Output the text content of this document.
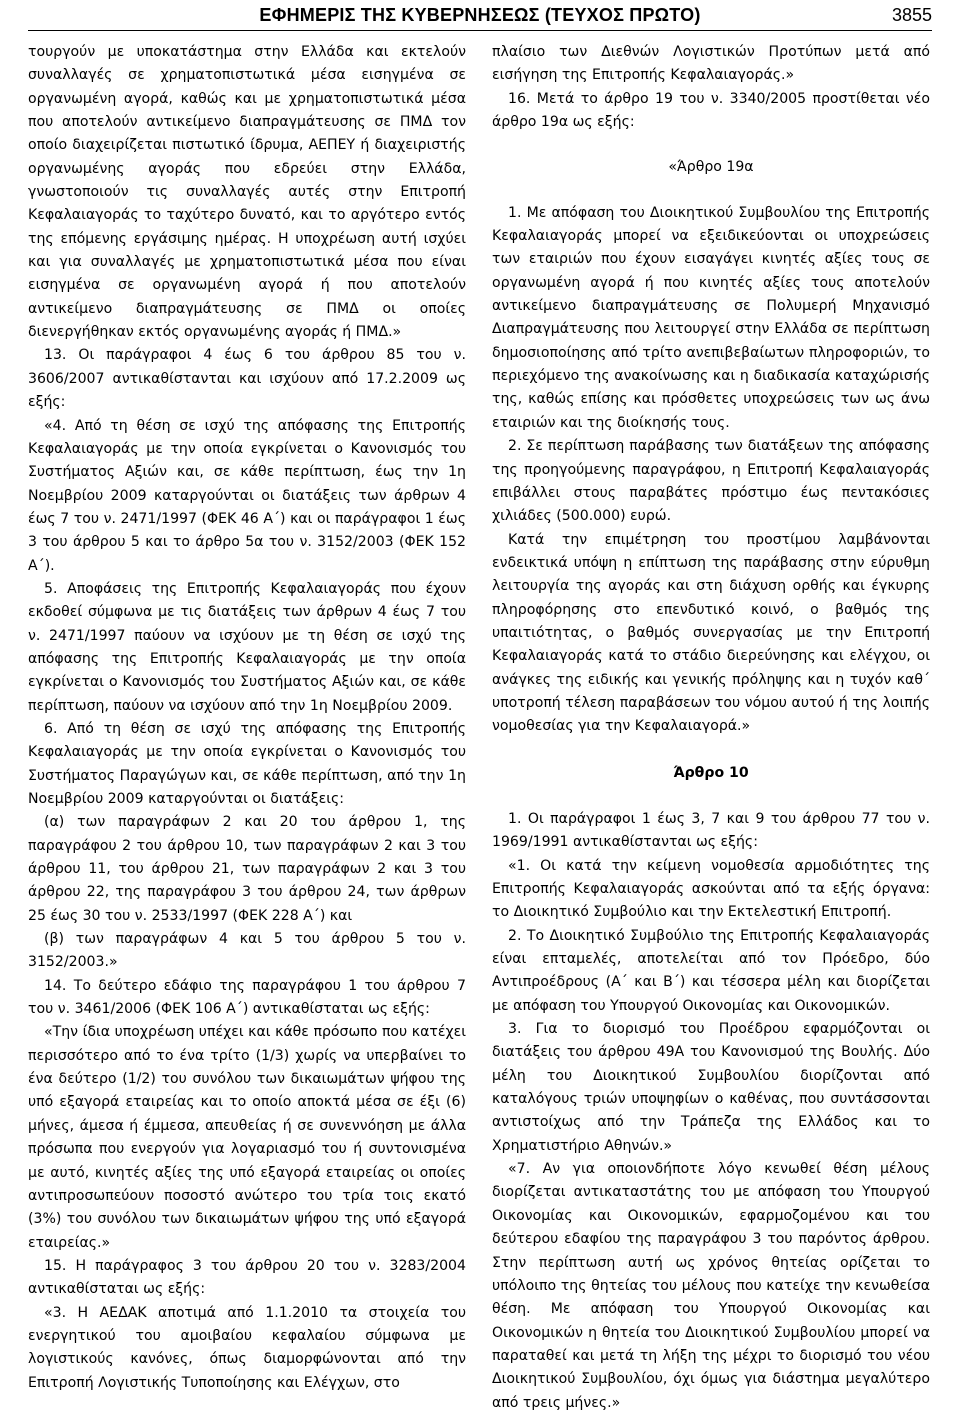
ΕΦΗΜΕΡΙΣ ΤΗΣ ΚΥΒΕΡΝΗΣΕΩΣ (ΤΕΥΧΟΣ ΠΡΩΤΟ)	3855

τουργούν με υποκατάστημα στην Ελλάδα και εκτελούν συναλλαγές σε χρηματοπιστωτικά μέσα εισηγμένα σε οργανωμένη αγορά, καθώς και με χρηματοπιστωτικά μέσα που αποτελούν αντικείμενο διαπραγμάτευσης σε ΠΜΔ τον οποίο διαχειρίζεται πιστωτικό ίδρυμα, ΑΕΠΕΥ ή διαχειριστής οργανωμένης αγοράς που εδρεύει στην Ελλάδα, γνωστοποιούν τις συναλλαγές αυτές στην Επιτροπή Κεφαλαιαγοράς το ταχύτερο δυνατό, και το αργότερο εντός της επόμενης εργάσιμης ημέρας. Η υποχρέωση αυτή ισχύει και για συναλλαγές με χρηματοπιστωτικά μέσα που είναι εισηγμένα σε οργανωμένη αγορά ή που αποτελούν αντικείμενο διαπραγμάτευσης σε ΠΜΔ οι οποίες διενεργήθηκαν εκτός οργανωμένης αγοράς ή ΠΜΔ.»

13. Οι παράγραφοι 4 έως 6 του άρθρου 85 του ν. 3606/2007 αντικαθίστανται και ισχύουν από 17.2.2009 ως εξής:

«4. Από τη θέση σε ισχύ της απόφασης της Επιτροπής Κεφαλαιαγοράς με την οποία εγκρίνεται ο Κανονισμός του Συστήματος Αξιών και, σε κάθε περίπτωση, έως την 1η Νοεμβρίου 2009 καταργούνται οι διατάξεις των άρθρων 4 έως 7 του ν. 2471/1997 (ΦΕΚ 46 Α΄) και οι παράγραφοι 1 έως 3 του άρθρου 5 και το άρθρο 5α του ν. 3152/2003 (ΦΕΚ 152 Α΄).

5. Αποφάσεις της Επιτροπής Κεφαλαιαγοράς που έχουν εκδοθεί σύμφωνα με τις διατάξεις των άρθρων 4 έως 7 του ν. 2471/1997 παύουν να ισχύουν με τη θέση σε ισχύ της απόφασης της Επιτροπής Κεφαλαιαγοράς με την οποία εγκρίνεται ο Κανονισμός του Συστήματος Αξιών και, σε κάθε περίπτωση, παύουν να ισχύουν από την 1η Νοεμβρίου 2009.

6. Από τη θέση σε ισχύ της απόφασης της Επιτροπής Κεφαλαιαγοράς με την οποία εγκρίνεται ο Κανονισμός του Συστήματος Παραγώγων και, σε κάθε περίπτωση, από την 1η Νοεμβρίου 2009 καταργούνται οι διατάξεις:

(α) των παραγράφων 2 και 20 του άρθρου 1, της παραγράφου 2 του άρθρου 10, των παραγράφων 2 και 3 του άρθρου 11, του άρθρου 21, των παραγράφων 2 και 3 του άρθρου 22, της παραγράφου 3 του άρθρου 24, των άρθρων 25 έως 30 του ν. 2533/1997 (ΦΕΚ 228 Α΄) και

(β) των παραγράφων 4 και 5 του άρθρου 5 του ν. 3152/2003.»

14. Το δεύτερο εδάφιο της παραγράφου 1 του άρθρου 7 του ν. 3461/2006 (ΦΕΚ 106 Α΄) αντικαθίσταται ως εξής:

«Την ίδια υποχρέωση υπέχει και κάθε πρόσωπο που κατέχει περισσότερο από το ένα τρίτο (1/3) χωρίς να υπερβαίνει το ένα δεύτερο (1/2) του συνόλου των δικαιωμάτων ψήφου της υπό εξαγορά εταιρείας και το οποίο αποκτά μέσα σε έξι (6) μήνες, άμεσα ή έμμεσα, απευθείας ή σε συνεννόηση με άλλα πρόσωπα που ενεργούν για λογαριασμό του ή συντονισμένα με αυτό, κινητές αξίες της υπό εξαγορά εταιρείας οι οποίες αντιπροσωπεύουν ποσοστό ανώτερο του τρία τοις εκατό (3%) του συνόλου των δικαιωμάτων ψήφου της υπό εξαγορά εταιρείας.»

15. Η παράγραφος 3 του άρθρου 20 του ν. 3283/2004 αντικαθίσταται ως εξής:

«3. Η ΑΕΔΑΚ αποτιμά από 1.1.2010 τα στοιχεία του ενεργητικού του αμοιβαίου κεφαλαίου σύμφωνα με λογιστικούς κανόνες, όπως διαμορφώνονται από την Επιτροπή Λογιστικής Τυποποίησης και Ελέγχων, στο

πλαίσιο των Διεθνών Λογιστικών Προτύπων μετά από εισήγηση της Επιτροπής Κεφαλαιαγοράς.»

16. Μετά το άρθρο 19 του ν. 3340/2005 προστίθεται νέο άρθρο 19α ως εξής:

«Άρθρο 19α

1. Με απόφαση του Διοικητικού Συμβουλίου της Επιτροπής Κεφαλαιαγοράς μπορεί να εξειδικεύονται οι υποχρεώσεις των εταιριών που έχουν εισαγάγει κινητές αξίες τους σε οργανωμένη αγορά ή που κινητές αξίες τους αποτελούν αντικείμενο διαπραγμάτευσης σε Πολυμερή Μηχανισμό Διαπραγμάτευσης που λειτουργεί στην Ελλάδα σε περίπτωση δημοσιοποίησης από τρίτο ανεπιβεβαίωτων πληροφοριών, το περιεχόμενο της ανακοίνωσης και η διαδικασία καταχώρισής της, καθώς επίσης και πρόσθετες υποχρεώσεις των ως άνω εταιριών και της διοίκησής τους.

2. Σε περίπτωση παράβασης των διατάξεων της απόφασης της προηγούμενης παραγράφου, η Επιτροπή Κεφαλαιαγοράς επιβάλλει στους παραβάτες πρόστιμο έως πεντακόσιες χιλιάδες (500.000) ευρώ.

Κατά την επιμέτρηση του προστίμου λαμβάνονται ενδεικτικά υπόψη η επίπτωση της παράβασης στην εύρυθμη λειτουργία της αγοράς και στη διάχυση ορθής και έγκυρης πληροφόρησης στο επενδυτικό κοινό, ο βαθμός της υπαιτιότητας, ο βαθμός συνεργασίας με την Επιτροπή Κεφαλαιαγοράς κατά το στάδιο διερεύνησης και ελέγχου, οι ανάγκες της ειδικής και γενικής πρόληψης και η τυχόν καθ΄ υποτροπή τέλεση παραβάσεων του νόμου αυτού ή της λοιπής νομοθεσίας για την Κεφαλαιαγορά.»

Άρθρο 10

1. Οι παράγραφοι 1 έως 3, 7 και 9 του άρθρου 77 του ν. 1969/1991 αντικαθίστανται ως εξής:

«1. Οι κατά την κείμενη νομοθεσία αρμοδιότητες της Επιτροπής Κεφαλαιαγοράς ασκούνται από τα εξής όργανα: το Διοικητικό Συμβούλιο και την Εκτελεστική Επιτροπή.

2. Το Διοικητικό Συμβούλιο της Επιτροπής Κεφαλαιαγοράς είναι επταμελές, αποτελείται από τον Πρόεδρο, δύο Αντιπροέδρους (Α΄ και Β΄) και τέσσερα μέλη και διορίζεται με απόφαση του Υπουργού Οικονομίας και Οικονομικών.

3. Για το διορισμό του Προέδρου εφαρμόζονται οι διατάξεις του άρθρου 49Α του Κανονισμού της Βουλής. Δύο μέλη του Διοικητικού Συμβουλίου διορίζονται από καταλόγους τριών υποψηφίων ο καθένας, που συντάσσονται αντιστοίχως από την Τράπεζα της Ελλάδος και το Χρηματιστήριο Αθηνών.»

«7. Αν για οποιονδήποτε λόγο κενωθεί θέση μέλους διορίζεται αντικαταστάτης του με απόφαση του Υπουργού Οικονομίας και Οικονομικών, εφαρμοζομένου και του δεύτερου εδαφίου της παραγράφου 3 του παρόντος άρθρου. Στην περίπτωση αυτή ως χρόνος θητείας ορίζεται το υπόλοιπο της θητείας του μέλους που κατείχε την κενωθείσα θέση. Με απόφαση του Υπουργού Οικονομίας και Οικονομικών η θητεία του Διοικητικού Συμβουλίου μπορεί να παραταθεί και μετά τη λήξη της μέχρι το διορισμό του νέου Διοικητικού Συμβουλίου, όχι όμως για διάστημα μεγαλύτερο από τρεις μήνες.»
